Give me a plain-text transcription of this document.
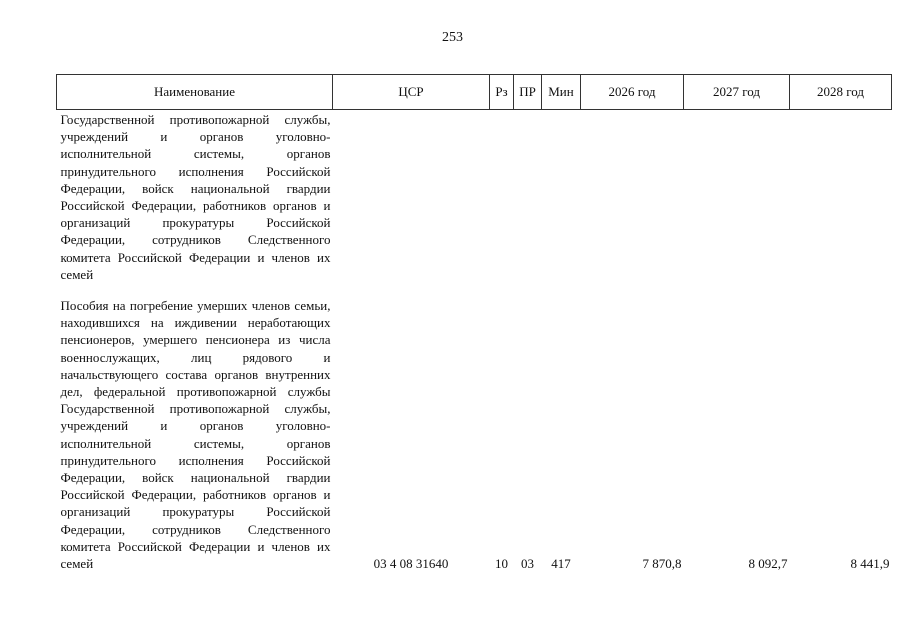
253
Наименование	ЦСР	Рз	ПР	Мин	2026 год	2027 год	2028 год
Государственной противопожарной службы, учреждений и органов уголовно-исполнительной системы, органов принудительного исполнения Российской Федерации, войск национальной гвардии Российской Федерации, работников органов и организаций прокуратуры Российской Федерации, сотрудников Следственного комитета Российской Федерации и членов их семей							
Пособия на погребение умерших членов семьи, находившихся на иждивении неработающих пенсионеров, умершего пенсионера из числа военнослужащих, лиц рядового и начальствующего состава органов внутренних дел, федеральной противопожарной службы Государственной противопожарной службы, учреждений и органов уголовно-исполнительной системы, органов принудительного исполнения Российской Федерации, войск национальной гвардии Российской Федерации, работников органов и организаций прокуратуры Российской Федерации, сотрудников Следственного комитета Российской Федерации и членов их семей	03 4 08 31640	10	03	417	7 870,8	8 092,7	8 441,9
